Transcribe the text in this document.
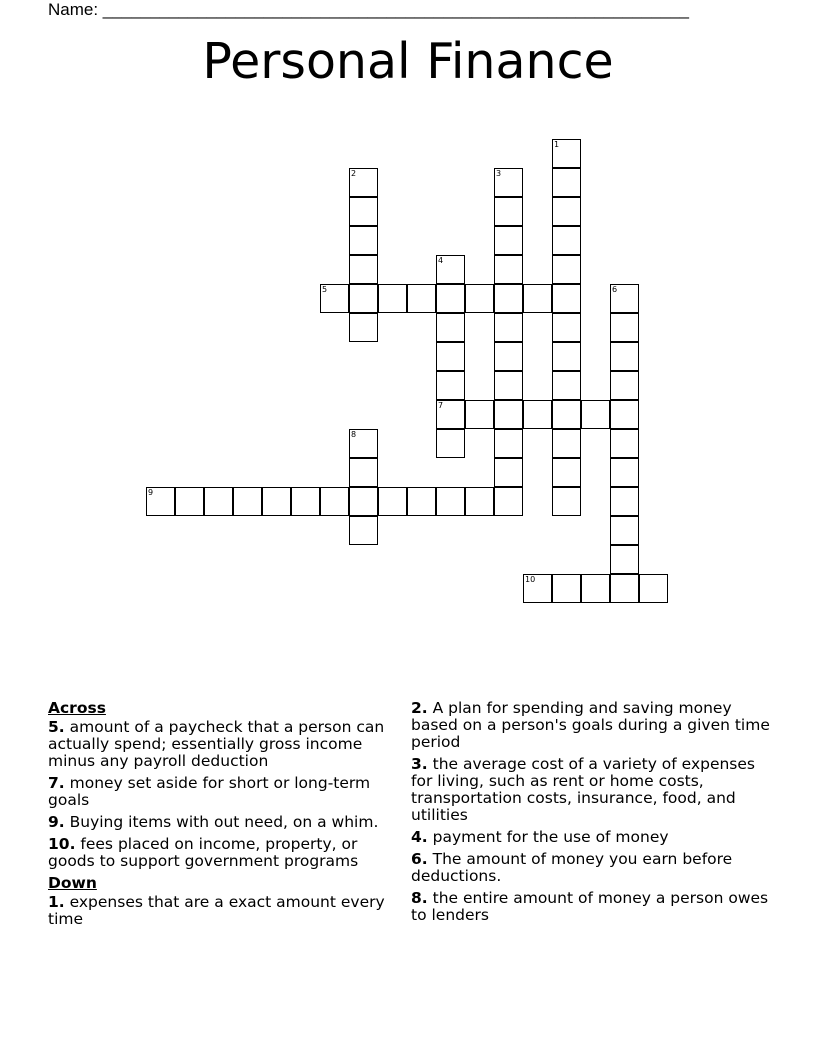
Name: ______________________________________________________________
Personal Finance
1
2	3
4
7
5	6
8
9
10
Across
5. amount of a paycheck that a person can actually spend; essentially gross income minus any payroll deduction
7. money set aside for short or long-term goals
9. Buying items with out need, on a whim.
10. fees placed on income, property, or goods to support government programs
Down
1. expenses that are a exact amount every time
2. A plan for spending and saving money based on a person's goals during a given time period
3. the average cost of a variety of expenses for living, such as rent or home costs, transportation costs, insurance, food, and utilities
4. payment for the use of money
6. The amount of money you earn before deductions.
8. the entire amount of money a person owes to lenders
